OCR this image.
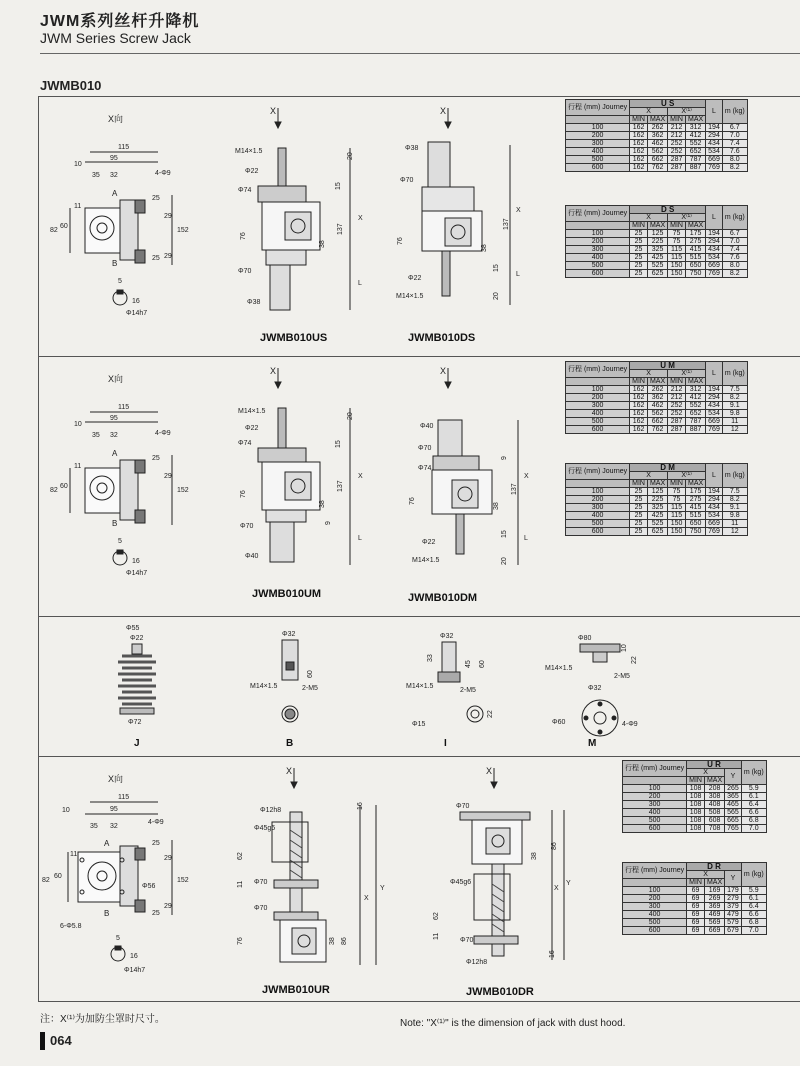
JWM系列丝杆升降机
JWM Series Screw Jack
JWMB010
X向
115
10
95
35 32	4-Φ9
A
B
82
60
11
152
25
29
25 29
5
16
Φ14h7
X
M14×1.5
Φ22
Φ74
Φ70
Φ38
20
15
137
X
L
76
38
X
Φ38
Φ70
Φ22
M14×1.5
137
X
L
15
20
76
38
JWMB010US	JWMB010DS
行程 (mm) Journey	U S				L	m (kg)
	X		X⁽¹⁾			
	MIN	MAX	MIN	MAX		
100	162	262	212	312	194	6.7
200	162	362	212	412	294	7.0
300	162	462	252	552	434	7.4
400	162	562	252	652	534	7.6
500	162	662	287	787	669	8.0
600	162	762	287	887	769	8.2
行程 (mm) Journey	D S				L	m (kg)
	X		X⁽¹⁾			
	MIN	MAX	MIN	MAX		
100	25	125	75	175	194	6.7
200	25	225	75	275	294	7.0
300	25	325	115	415	434	7.4
400	25	425	115	515	534	7.6
500	25	525	150	650	669	8.0
600	25	625	150	750	769	8.2
X向
115
10
95
35 32	4-Φ9
A
B
82
60
11
152
25
29
5
16
Φ14h7
X
M14×1.5
Φ22
Φ74
Φ70
Φ40
20
15
137
X
L
76
38
9
X
Φ40
Φ70
Φ74
Φ22
M14×1.5
137
X
L
9
15
20
76
38
JWMB010UM	JWMB010DM
行程 (mm) Journey	U M				L	m (kg)
	X		X⁽¹⁾			
	MIN	MAX	MIN	MAX		
100	162	262	212	312	194	7.5
200	162	362	212	412	294	8.2
300	162	462	252	552	434	9.1
400	162	562	252	652	534	9.8
500	162	662	287	787	669	11
600	162	762	287	887	769	12
行程 (mm) Journey	D M				L	m (kg)
	X		X⁽¹⁾			
	MIN	MAX	MIN	MAX		
100	25	125	75	175	194	7.5
200	25	225	75	275	294	8.2
300	25	325	115	415	434	9.1
400	25	425	115	515	534	9.8
500	25	525	150	650	669	11
600	25	625	150	750	769	12
Φ55
Φ22
Φ72
J
Φ32
60
M14×1.5	2-M5
B
Φ32
33
45 60
M14×1.5
2-M5
Φ15
22
I
Φ80
10
22
M14×1.5
2-M5
Φ32
Φ60	4-Φ9
M
X向
115
10	95
35 32
4-Φ9
A
B
Φ56
82
60
11
6-Φ5.8
152
25
29
25
29
5
16
Φ14h7
X
Φ12h8
Φ45g6
Φ70
Φ70
62
11
76	38
16
X
Y
86
X
Φ70
Φ45g6
Φ70
Φ12h8
62
11
38
86
X
Y
16
JWMB010UR	JWMB010DR
行程 (mm) Journey	U R			m (kg)
	X		Y	
	MIN	MAX		
100	108	208	265	5.9
200	108	308	365	6.1
300	108	408	465	6.4
400	108	508	565	6.6
500	108	608	665	6.8
600	108	708	765	7.0
行程 (mm) Journey	D R			m (kg)
	X		Y	
	MIN	MAX		
100	69	169	179	5.9
200	69	269	279	6.1
300	69	369	379	6.4
400	69	469	479	6.6
500	69	569	579	6.8
600	69	669	679	7.0
注：X⁽¹⁾为加防尘罩时尺寸。	Note: "X⁽¹⁾" is the dimension of jack with dust hood.
064
